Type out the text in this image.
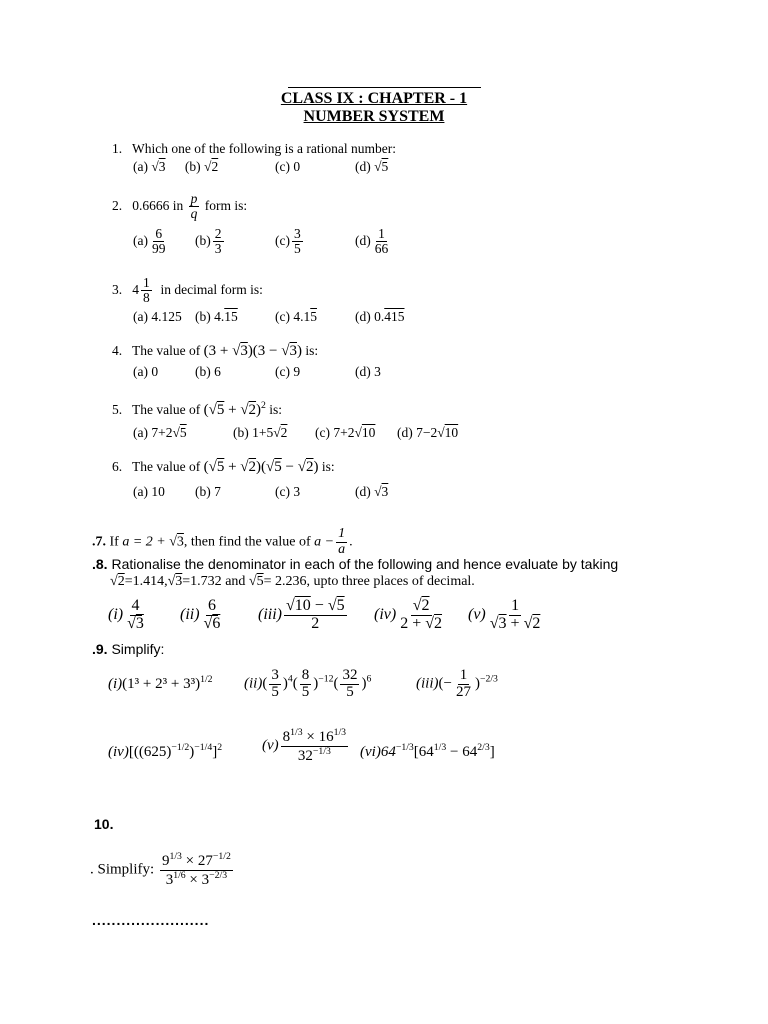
CLASS IX : CHAPTER - 1
NUMBER SYSTEM
1. Which one of the following is a rational number:
(a) √3 (b) √2	(c) 0	(d) √5
2. 0.6666 in $\frac{p}{q}$ form is:
$(a) \frac{6}{99} (b) \frac{2}{3}$	$(c) \frac{3}{5}$	$(d) \frac{1}{66}$
3. $4 \frac{1}{8}$ in decimal form is:
(a) 4.125 (b) 4.15	(c) 4.15	(d) 0.415
4. The value of (3 + √3)(3 − √3) is:
(a) 0	(b) 6	(c) 9	(d) 3
5. The value of $(√5 + √2)^2$ is:
(a) 7+2√5	(b) 1+5√2 (c) 7+2√10 (d) 7−2√10
6. The value of (√5 + √2)(√5 − √2) is:
(a) 10 (b) 7	(c) 3	(d) √3
.7. If a = 2 + √3, then find the value of $a - \frac{1}{a}$ .
.8. Rationalise the denominator in each of the following and hence evaluate by taking
√2=1.414,√3=1.732 and √5= 2.236, upto three places of decimal.
$(i) \frac{4}{√3} (ii) \frac{6}{√6} (iii) \frac{√10 - √5}{2} (iv) \frac{√2}{2 + √2} (v) \frac{1}{√3 + √2}$
.9. Simplify:
$(i)(1^3 + 2^3 + 3^3)^{1/2}$ $(ii)( \frac{3}{5} )^4( \frac{8}{5} )^{-12}( \frac{32}{5} )^6$	$(iii)(- \frac{1}{27} )^{-2/3}$
$(iv)[((625)^{-1/2})^{-1/4}]^2$	$(v) \frac{8^{1/3} \times 16^{1/3}}{32^{-1/3}} (vi)64^{-1/3}[64^{1/3} - 64^{2/3}]$
10.
. Simplify: $\frac{9^{1/3} \times 27^{-1/2}}{3^{1/6} \times 3^{-2/3}}$
........................
